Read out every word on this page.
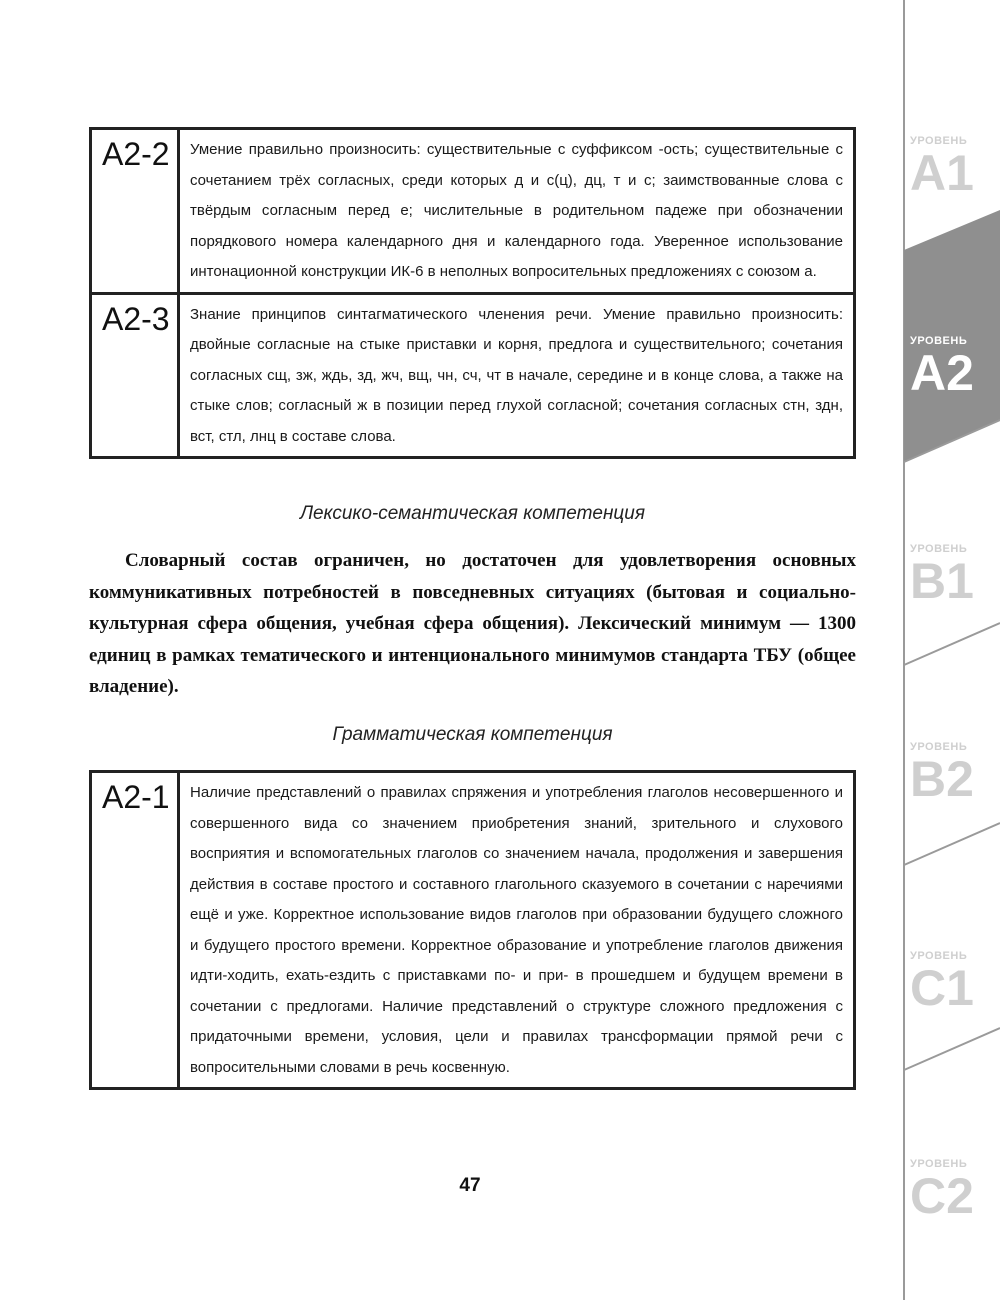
A2-2	Умение правильно произносить: существительные с суффиксом -ость; существительные с сочетанием трёх согласных, среди которых д и с(ц), дц, т и с; заимствованные слова с твёрдым согласным перед е; числительные в родительном падеже при обозначении порядкового номера календарного дня и календарного года. Уверенное использование интонационной конструкции ИК-6 в неполных вопросительных предложениях с союзом а.
A2-3	Знание принципов синтагматического членения речи. Умение правильно произносить: двойные согласные на стыке приставки и корня, предлога и существительного; сочетания согласных сщ, зж, ждь, зд, жч, вщ, чн, сч, чт в начале, середине и в конце слова, а также на стыке слов; согласный ж в позиции перед глухой согласной; сочетания согласных стн, здн, вст, стл, лнц в составе слова.
Лексико-семантическая компетенция

Словарный состав ограничен, но достаточен для удовлетворения основных коммуникативных потребностей в повседневных ситуациях (бытовая и социально-культурная сфера общения, учебная сфера общения). Лексический минимум — 1300 единиц в рамках тематического и интенционального минимумов стандарта ТБУ (общее владение).

Грамматическая компетенция
A2-1	Наличие представлений о правилах спряжения и употребления глаголов несовершенного и совершенного вида со значением приобретения знаний, зрительного и слухового восприятия и вспомогательных глаголов со значением начала, продолжения и завершения действия в составе простого и составного глагольного сказуемого в сочетании с наречиями ещё и уже. Корректное использование видов глаголов при образовании будущего сложного и будущего простого времени. Корректное образование и употребление глаголов движения идти-ходить, ехать-ездить с приставками по- и при- в прошедшем и будущем времени в сочетании с предлогами. Наличие представлений о структуре сложного предложения с придаточными времени, условия, цели и правилах трансформации прямой речи с вопросительными словами в речь косвенную.
47
УРОВЕНЬ
A1
УРОВЕНЬ
A2
УРОВЕНЬ
B1
УРОВЕНЬ
B2
УРОВЕНЬ
C1
УРОВЕНЬ
C2
